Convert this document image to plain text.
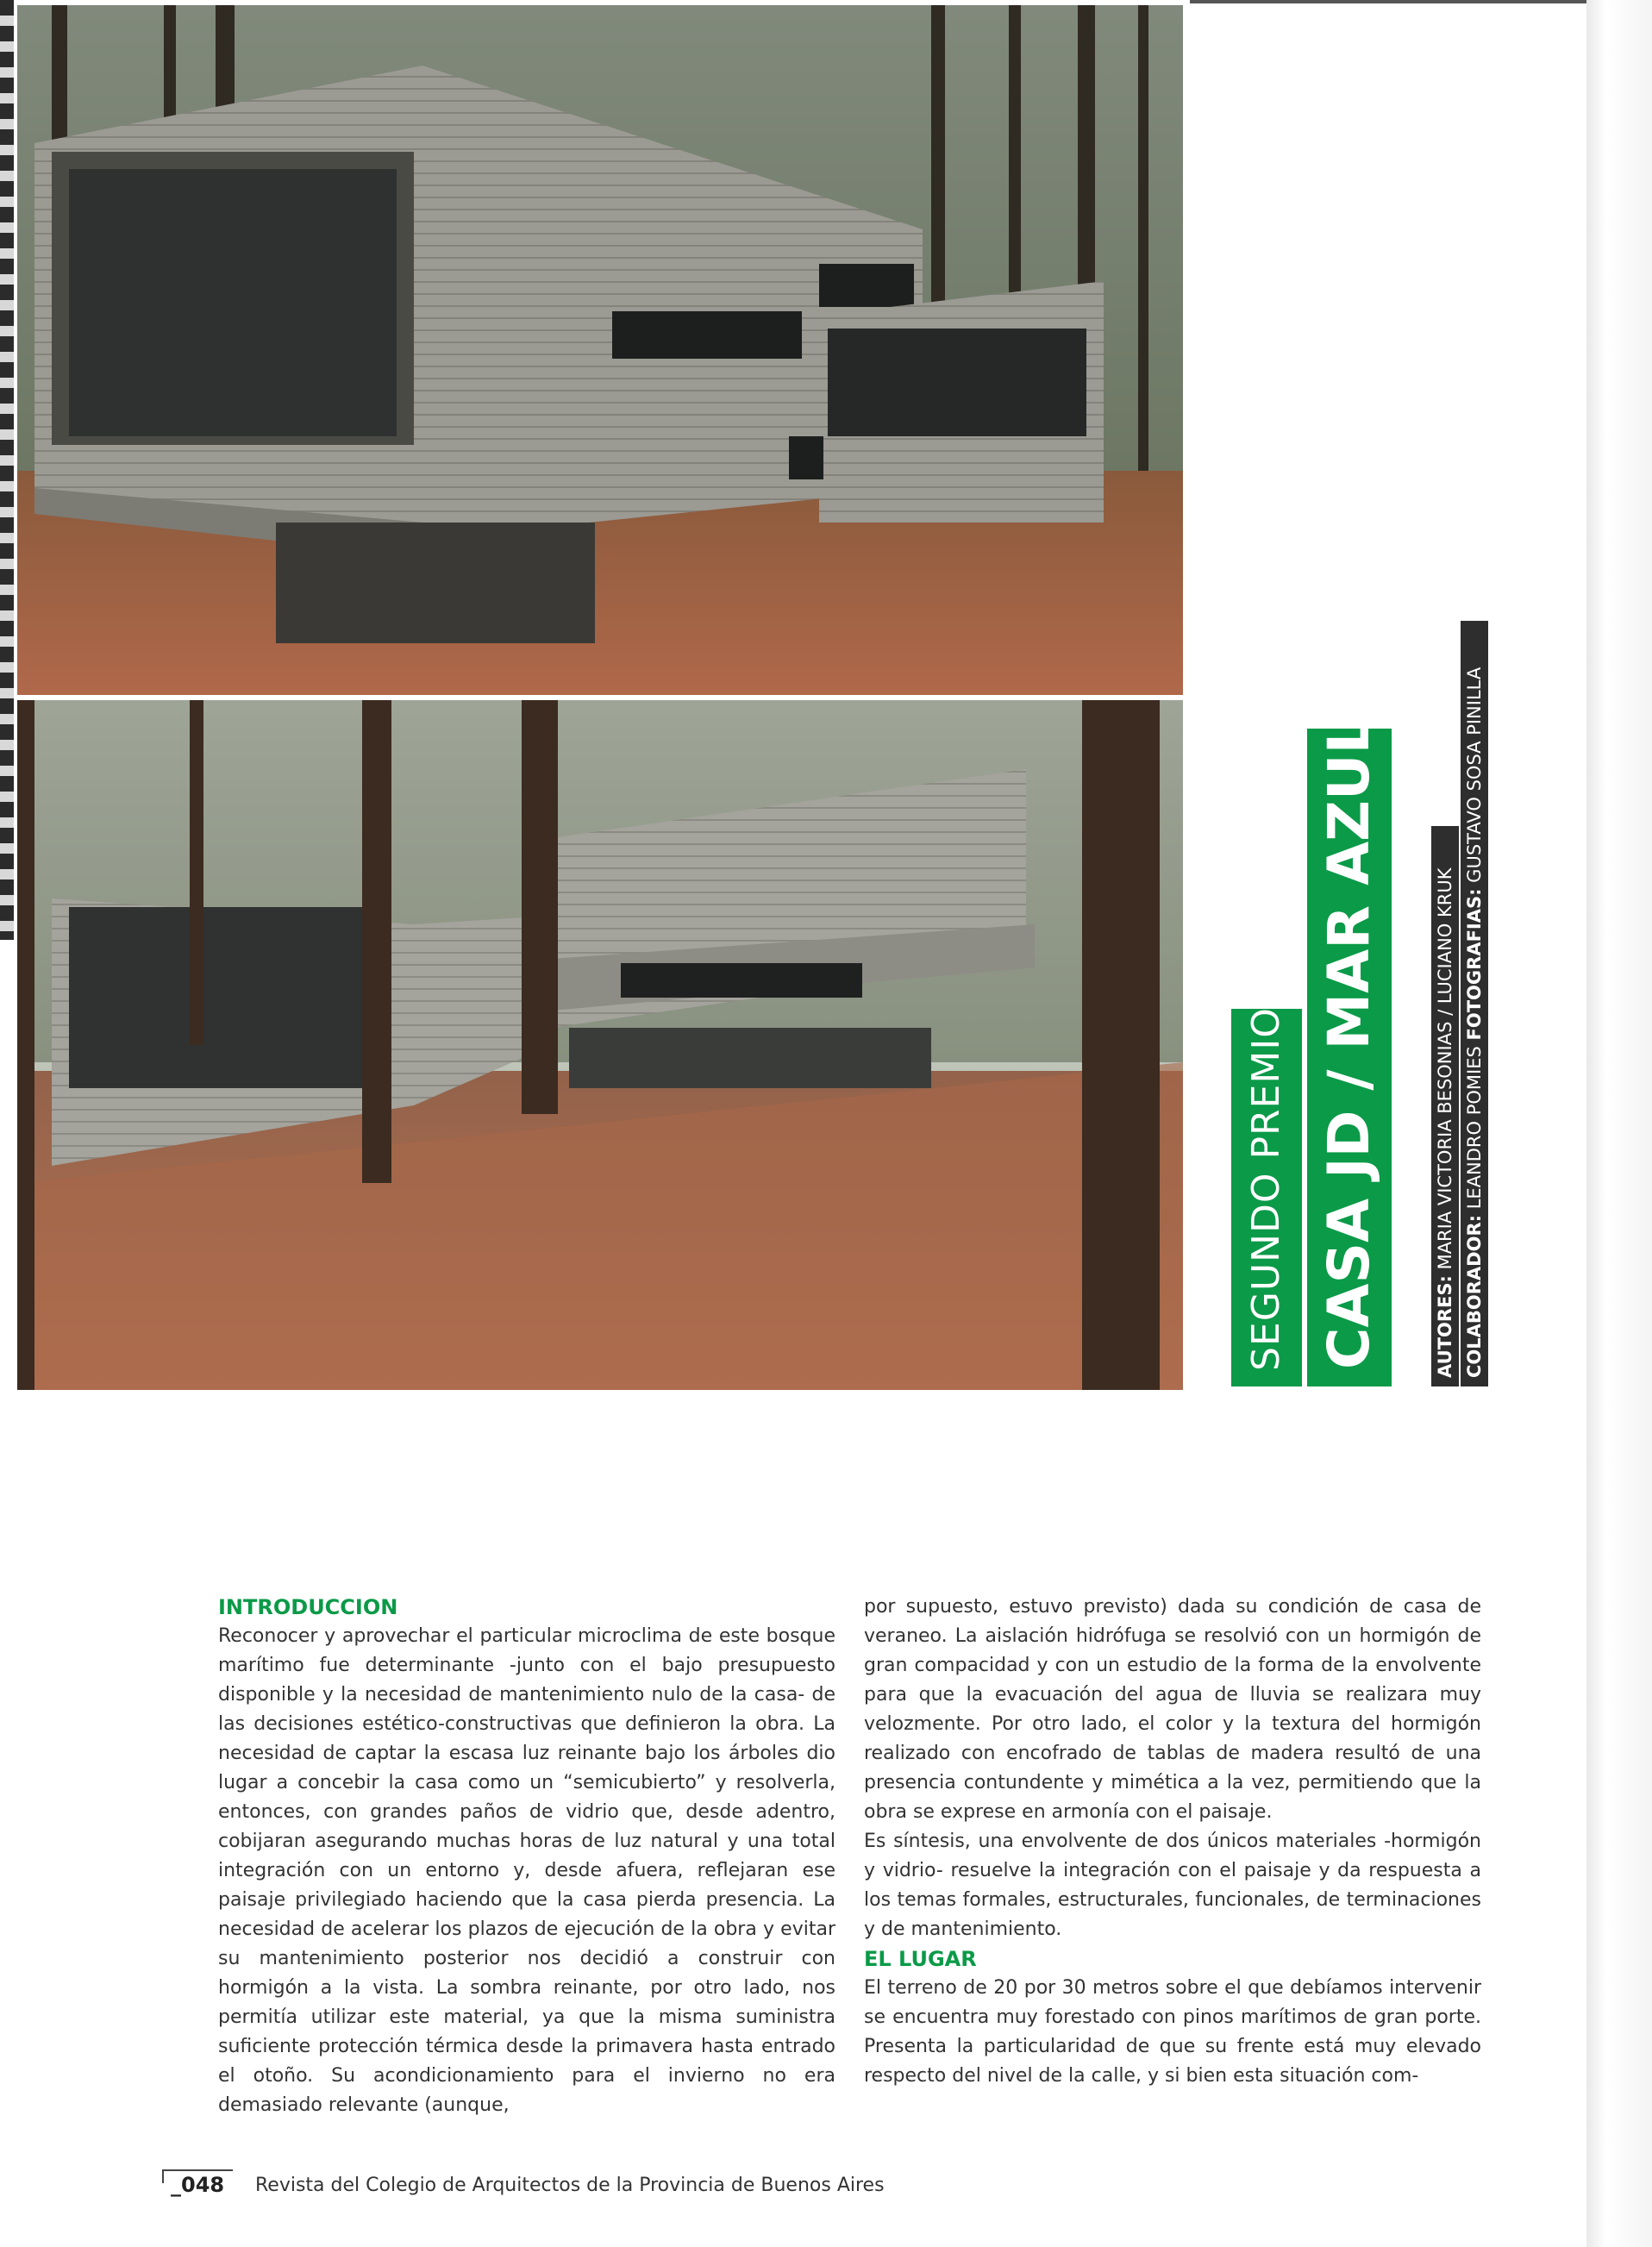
SEGUNDO PREMIO CASA JD / MAR AZUL	AUTORES: MARIA VICTORIA BESONIAS / LUCIANO KRUK
COLABORADOR: LEANDRO POMIES FOTOGRAFIAS: GUSTAVO SOSA PINILLA
INTRODUCCION

Reconocer y aprovechar el particular microclima de este bosque marítimo fue determinante -junto con el bajo presupuesto disponible y la necesidad de mantenimiento nulo de la casa- de las decisiones estético-constructivas que definieron la obra. La necesidad de captar la escasa luz reinante bajo los árboles dio lugar a concebir la casa como un “semicubierto” y resolverla, entonces, con grandes paños de vidrio que, desde adentro, cobijaran asegurando muchas horas de luz natural y una total integración con un entorno y, desde afuera, reflejaran ese paisaje privilegiado haciendo que la casa pierda presencia. La necesidad de acelerar los plazos de ejecución de la obra y evitar su mantenimiento posterior nos decidió a construir con hormigón a la vista. La sombra reinante, por otro lado, nos permitía utilizar este material, ya que la misma suministra suficiente protección térmica desde la primavera hasta entrado el otoño. Su acondicionamiento para el invierno no era demasiado relevante (aunque,

por supuesto, estuvo previsto) dada su condición de casa de veraneo. La aislación hidrófuga se resolvió con un hormigón de gran compacidad y con un estudio de la forma de la envolvente para que la evacuación del agua de lluvia se realizara muy velozmente. Por otro lado, el color y la textura del hormigón realizado con encofrado de tablas de madera resultó de una presencia contundente y mimética a la vez, permitiendo que la obra se exprese en armonía con el paisaje.

Es síntesis, una envolvente de dos únicos materiales -hormigón y vidrio- resuelve la integración con el paisaje y da respuesta a los temas formales, estructurales, funcionales, de terminaciones y de mantenimiento.

EL LUGAR

El terreno de 20 por 30 metros sobre el que debíamos intervenir se encuentra muy forestado con pinos marítimos de gran porte. Presenta la particularidad de que su frente está muy elevado respecto del nivel de la calle, y si bien esta situación com-

_048 Revista del Colegio de Arquitectos de la Provincia de Buenos Aires
